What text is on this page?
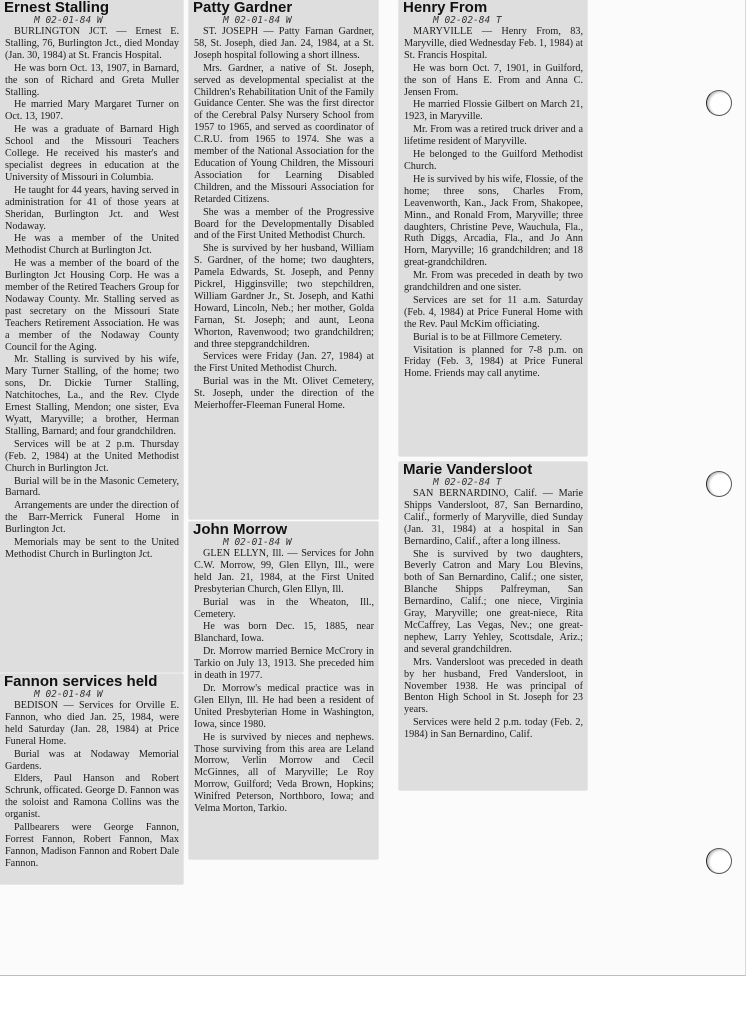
Ernest Stalling
M 02-01-84 W

BURLINGTON JCT. — Ernest E. Stalling, 76, Burlington Jct., died Monday (Jan. 30, 1984) at St. Francis Hospital.

He was born Oct. 13, 1907, in Barnard, the son of Richard and Greta Muller Stalling.

He married Mary Margaret Turner on Oct. 13, 1907.

He was a graduate of Barnard High School and the Missouri Teachers College. He received his master's and specialist degrees in education at the University of Missouri in Columbia.

He taught for 44 years, having served in administration for 41 of those years at Sheridan, Burlington Jct. and West Nodaway.

He was a member of the United Methodist Church at Burlington Jct.

He was a member of the board of the Burlington Jct Housing Corp. He was a member of the Retired Teachers Group for Nodaway County. Mr. Stalling served as past secretary on the Missouri State Teachers Retirement Association. He was a member of the Nodaway County Council for the Aging.

Mr. Stalling is survived by his wife, Mary Turner Stalling, of the home; two sons, Dr. Dickie Turner Stalling, Natchitoches, La., and the Rev. Clyde Ernest Stalling, Mendon; one sister, Eva Wyatt, Maryville; a brother, Herman Stalling, Barnard; and four grandchildren.

Services will be at 2 p.m. Thursday (Feb. 2, 1984) at the United Methodist Church in Burlington Jct.

Burial will be in the Masonic Cemetery, Barnard.

Arrangements are under the direction of the Barr-Merrick Funeral Home in Burlington Jct.

Memorials may be sent to the United Methodist Church in Burlington Jct.

Fannon services held
M 02-01-84 W

BEDISON — Services for Orville E. Fannon, who died Jan. 25, 1984, were held Saturday (Jan. 28, 1984) at Price Funeral Home.

Burial was at Nodaway Memorial Gardens.

Elders, Paul Hanson and Robert Schrunk, officated. George D. Fannon was the soloist and Ramona Collins was the organist.

Pallbearers were George Fannon, Forrest Fannon, Robert Fannon, Max Fannon, Madison Fannon and Robert Dale Fannon.

Patty Gardner
M 02-01-84 W

ST. JOSEPH — Patty Farnan Gardner, 58, St. Joseph, died Jan. 24, 1984, at a St. Joseph hospital following a short illness.

Mrs. Gardner, a native of St. Joseph, served as developmental specialist at the Children's Rehabilitation Unit of the Family Guidance Center. She was the first director of the Cerebral Palsy Nursery School from 1957 to 1965, and served as coordinator of C.R.U. from 1965 to 1974. She was a member of the National Association for the Education of Young Children, the Missouri Association for Learning Disabled Children, and the Missouri Association for Retarded Citizens.

She was a member of the Progressive Board for the Developmentally Disabled and of the First United Methodist Church.

She is survived by her husband, William S. Gardner, of the home; two daughters, Pamela Edwards, St. Joseph, and Penny Pickrel, Higginsville; two stepchildren, William Gardner Jr., St. Joseph, and Kathi Howard, Lincoln, Neb.; her mother, Golda Farnan, St. Joseph; and aunt, Leona Whorton, Ravenwood; two grandchildren; and three stepgrandchildren.

Services were Friday (Jan. 27, 1984) at the First United Methodist Church.

Burial was in the Mt. Olivet Cemetery, St. Joseph, under the direction of the Meierhoffer-Fleeman Funeral Home.

John Morrow
M 02-01-84 W

GLEN ELLYN, Ill. — Services for John C.W. Morrow, 99, Glen Ellyn, Ill., were held Jan. 21, 1984, at the First United Presbyterian Church, Glen Ellyn, Ill.

Burial was in the Wheaton, Ill., Cemetery.

He was born Dec. 15, 1885, near Blanchard, Iowa.

Dr. Morrow married Bernice McCrory in Tarkio on July 13, 1913. She preceded him in death in 1977.

Dr. Morrow's medical practice was in Glen Ellyn, Ill. He had been a resident of United Presbyterian Home in Washington, Iowa, since 1980.

He is survived by nieces and nephews. Those surviving from this area are Leland Morrow, Verlin Morrow and Cecil McGinnes, all of Maryville; Le Roy Morrow, Guilford; Veda Brown, Hopkins; Winifred Peterson, Northboro, Iowa; and Velma Morton, Tarkio.

Henry From
M 02-02-84 T

MARYVILLE — Henry From, 83, Maryville, died Wednesday Feb. 1, 1984) at St. Francis Hospital.

He was born Oct. 7, 1901, in Guilford, the son of Hans E. From and Anna C. Jensen From.

He married Flossie Gilbert on March 21, 1923, in Maryville.

Mr. From was a retired truck driver and a lifetime resident of Maryville.

He belonged to the Guilford Methodist Church.

He is survived by his wife, Flossie, of the home; three sons, Charles From, Leavenworth, Kan., Jack From, Shakopee, Minn., and Ronald From, Maryville; three daughters, Christine Peve, Wauchula, Fla., Ruth Diggs, Arcadia, Fla., and Jo Ann Horn, Maryville; 16 grandchildren; and 18 great-grandchildren.

Mr. From was preceded in death by two grandchildren and one sister.

Services are set for 11 a.m. Saturday (Feb. 4, 1984) at Price Funeral Home with the Rev. Paul McKim officiating.

Burial is to be at Fillmore Cemetery.

Visitation is planned for 7-8 p.m. on Friday (Feb. 3, 1984) at Price Funeral Home. Friends may call anytime.

Marie Vandersloot
M 02-02-84 T

SAN BERNARDINO, Calif. — Marie Shipps Vandersloot, 87, San Bernardino, Calif., formerly of Maryville, died Sunday (Jan. 31, 1984) at a hospital in San Bernardino, Calif., after a long illness.

She is survived by two daughters, Beverly Catron and Mary Lou Blevins, both of San Bernardino, Calif.; one sister, Blanche Shipps Palfreyman, San Bernardino, Calif.; one niece, Virginia Gray, Maryville; one great-niece, Rita McCaffrey, Las Vegas, Nev.; one great-nephew, Larry Yehley, Scottsdale, Ariz.; and several grandchildren.

Mrs. Vandersloot was preceded in death by her husband, Fred Vandersloot, in November 1938. He was principal of Benton High School in St. Joseph for 23 years.

Services were held 2 p.m. today (Feb. 2, 1984) in San Bernardino, Calif.
